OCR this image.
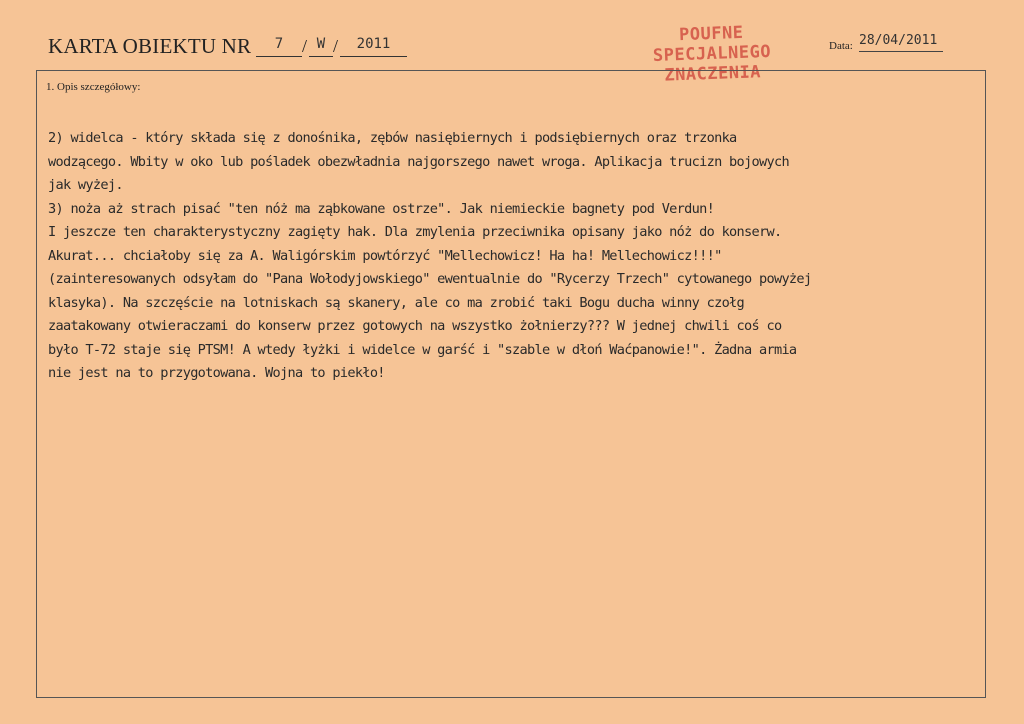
KARTA OBIEKTU NR	7	/ W /	2011	POUFNE
SPECJALNEGO
ZNACZENIA
Data: 28/04/2011
1. Opis szczegółowy:

2) widelca - który składa się z donośnika, zębów nasiębiernych i podsiębiernych oraz trzonka

wodzącego. Wbity w oko lub pośladek obezwładnia najgorszego nawet wroga. Aplikacja trucizn bojowych

jak wyżej.

3) noża aż strach pisać "ten nóż ma ząbkowane ostrze". Jak niemieckie bagnety pod Verdun!

I jeszcze ten charakterystyczny zagięty hak. Dla zmylenia przeciwnika opisany jako nóż do konserw.

Akurat... chciałoby się za A. Waligórskim powtórzyć "Mellechowicz! Ha ha! Mellechowicz!!!"

(zainteresowanych odsyłam do "Pana Wołodyjowskiego" ewentualnie do "Rycerzy Trzech" cytowanego powyżej

klasyka). Na szczęście na lotniskach są skanery, ale co ma zrobić taki Bogu ducha winny czołg

zaatakowany otwieraczami do konserw przez gotowych na wszystko żołnierzy??? W jednej chwili coś co

było T-72 staje się PTSM! A wtedy łyżki i widelce w garść i "szable w dłoń Waćpanowie!". Żadna armia

nie jest na to przygotowana. Wojna to piekło!
